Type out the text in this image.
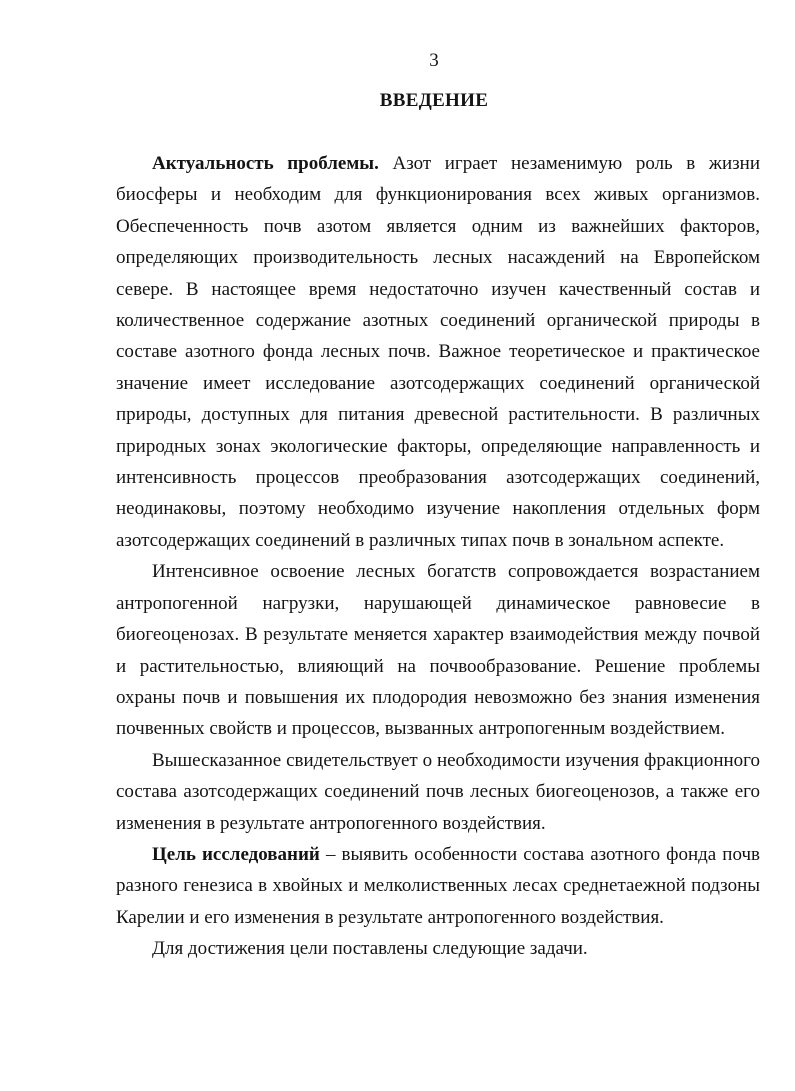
3
ВВЕДЕНИЕ

Актуальность проблемы. Азот играет незаменимую роль в жизни биосферы и необходим для функционирования всех живых организмов. Обеспеченность почв азотом является одним из важнейших факторов, определяющих производительность лесных насаждений на Европейском севере. В настоящее время недостаточно изучен качественный состав и количественное содержание азотных соединений органической природы в составе азотного фонда лесных почв. Важное теоретическое и практическое значение имеет исследование азотсодержащих соединений органической природы, доступных для питания древесной растительности. В различных природных зонах экологические факторы, определяющие направленность и интенсивность процессов преобразования азотсодержащих соединений, неодинаковы, поэтому необходимо изучение накопления отдельных форм азотсодержащих соединений в различных типах почв в зональном аспекте.

Интенсивное освоение лесных богатств сопровождается возрастанием антропогенной нагрузки, нарушающей динамическое равновесие в биогеоценозах. В результате меняется характер взаимодействия между почвой и растительностью, влияющий на почвообразование. Решение проблемы охраны почв и повышения их плодородия невозможно без знания изменения почвенных свойств и процессов, вызванных антропогенным воздействием.

Вышесказанное свидетельствует о необходимости изучения фракционного состава азотсодержащих соединений почв лесных биогеоценозов, а также его изменения в результате антропогенного воздействия.

Цель исследований – выявить особенности состава азотного фонда почв разного генезиса в хвойных и мелколиственных лесах среднетаежной подзоны Карелии и его изменения в результате антропогенного воздействия.

Для достижения цели поставлены следующие задачи.
